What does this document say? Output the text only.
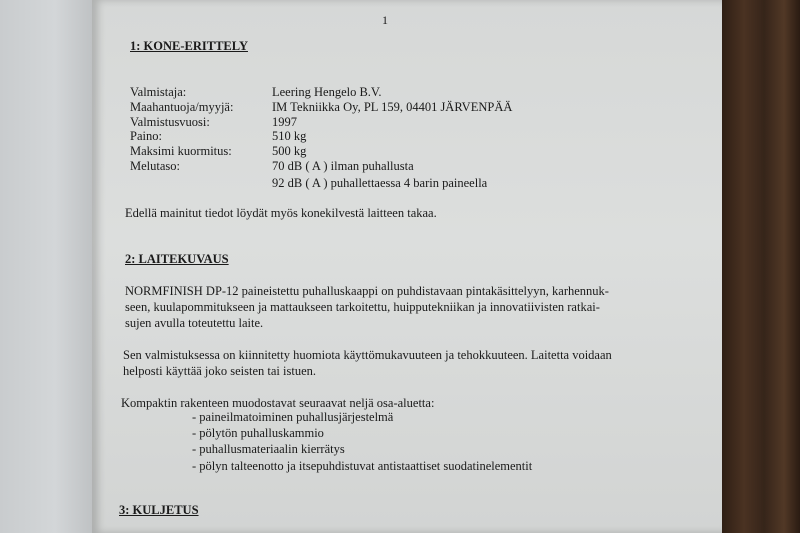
1
1: KONE-ERITTELY
Valmistaja:	Leering Hengelo B.V.
Maahantuoja/myyjä:	IM Tekniikka Oy, PL 159, 04401 JÄRVENPÄÄ
Valmistusvuosi:	1997
Paino:	510 kg
Maksimi kuormitus:	500 kg
Melutaso:	70 dB ( A ) ilman puhallusta
92 dB ( A ) puhallettaessa 4 barin paineella
Edellä mainitut tiedot löydät myös konekilvestä laitteen takaa.
2: LAITEKUVAUS
NORMFINISH DP-12 paineistettu puhalluskaappi on puhdistavaan pintakäsittelyyn, karhennuk-
seen, kuulapommitukseen ja mattaukseen tarkoitettu, huipputekniikan ja innovatiivisten ratkai-
sujen avulla toteutettu laite.
Sen valmistuksessa on kiinnitetty huomiota käyttömukavuuteen ja tehokkuuteen. Laitetta voidaan
helposti käyttää joko seisten tai istuen.
Kompaktin rakenteen muodostavat seuraavat neljä osa-aluetta:
- paineilmatoiminen puhallusjärjestelmä
- pölytön puhalluskammio
- puhallusmateriaalin kierrätys
- pölyn talteenotto ja itsepuhdistuvat antistaattiset suodatinelementit
3: KULJETUS
